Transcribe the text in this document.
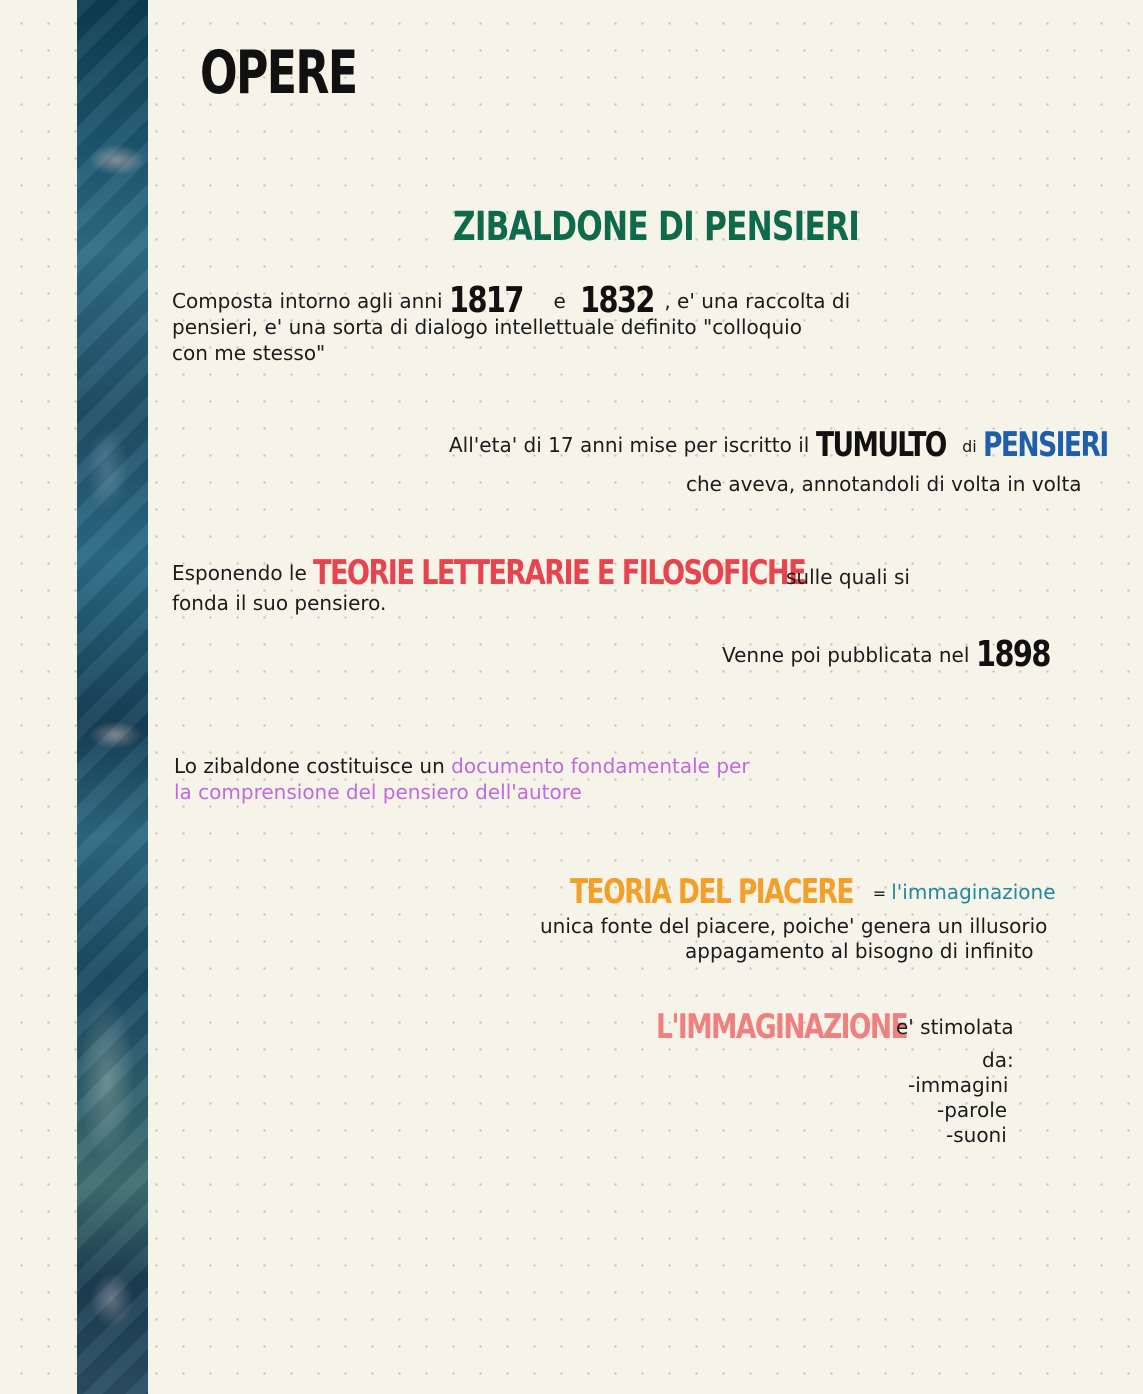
OPERE
ZIBALDONE DI PENSIERI
Composta intorno agli anni 1817 e 1832 , e' una raccolta di
pensieri, e' una sorta di dialogo intellettuale definito "colloquio
con me stesso"
All'eta' di 17 anni mise per iscritto il TUMULTO di PENSIERI
che aveva, annotandoli di volta in volta
Esponendo le TEORIE LETTERARIE E FILOSOFICHE
fonda il suo pensiero.
sulle quali si
Venne poi pubblicata nel 1898
Lo zibaldone costituisce un documento fondamentale per
la comprensione del pensiero dell'autore
TEORIA DEL PIACERE = l'immaginazione
unica fonte del piacere, poiche' genera un illusorio
appagamento al bisogno di infinito
L'IMMAGINAZIONE
e' stimolata
da:
-immagini
-parole
-suoni
